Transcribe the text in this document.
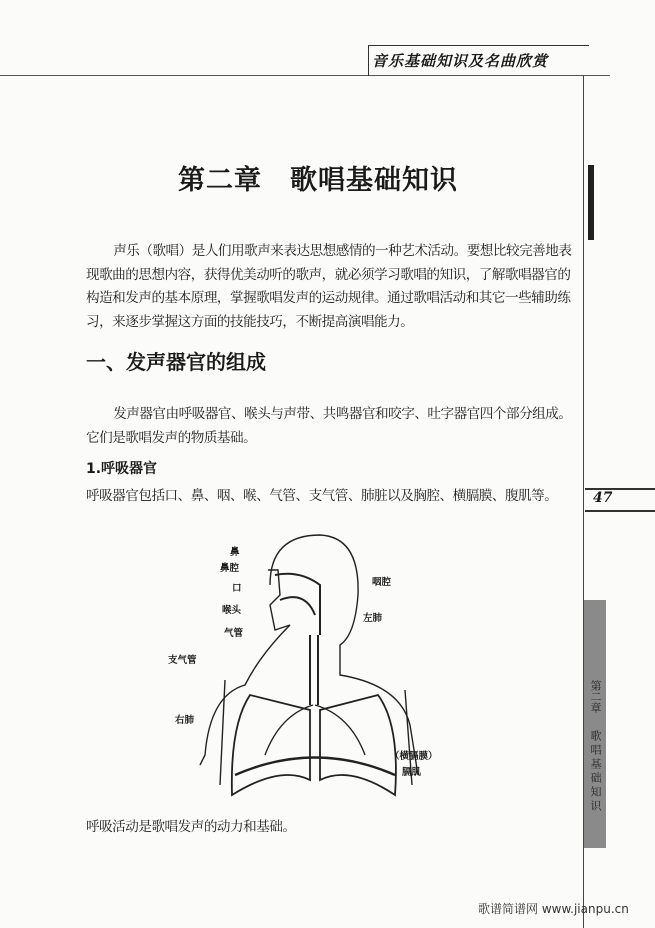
音乐基础知识及名曲欣赏
第二章　歌唱基础知识
声乐（歌唱）是人们用歌声来表达思想感情的一种艺术活动。要想比较完善地表
现歌曲的思想内容，获得优美动听的歌声，就必须学习歌唱的知识，了解歌唱器官的
构造和发声的基本原理，掌握歌唱发声的运动规律。通过歌唱活动和其它一些辅助练
习，来逐步掌握这方面的技能技巧，不断提高演唱能力。
一、发声器官的组成
发声器官由呼吸器官、喉头与声带、共鸣器官和咬字、吐字器官四个部分组成。
它们是歌唱发声的物质基础。
1.呼吸器官
呼吸器官包括口、鼻、咽、喉、气管、支气管、肺脏以及胸腔、横膈膜、腹肌等。
鼻
鼻腔
口
咽腔
喉头
气管
左肺
支气管
右肺
（横膈膜）
膈肌
呼吸活动是歌唱发声的动力和基础。
47
第二章
歌唱基础知识
歌谱简谱网 www.jianpu.cn
